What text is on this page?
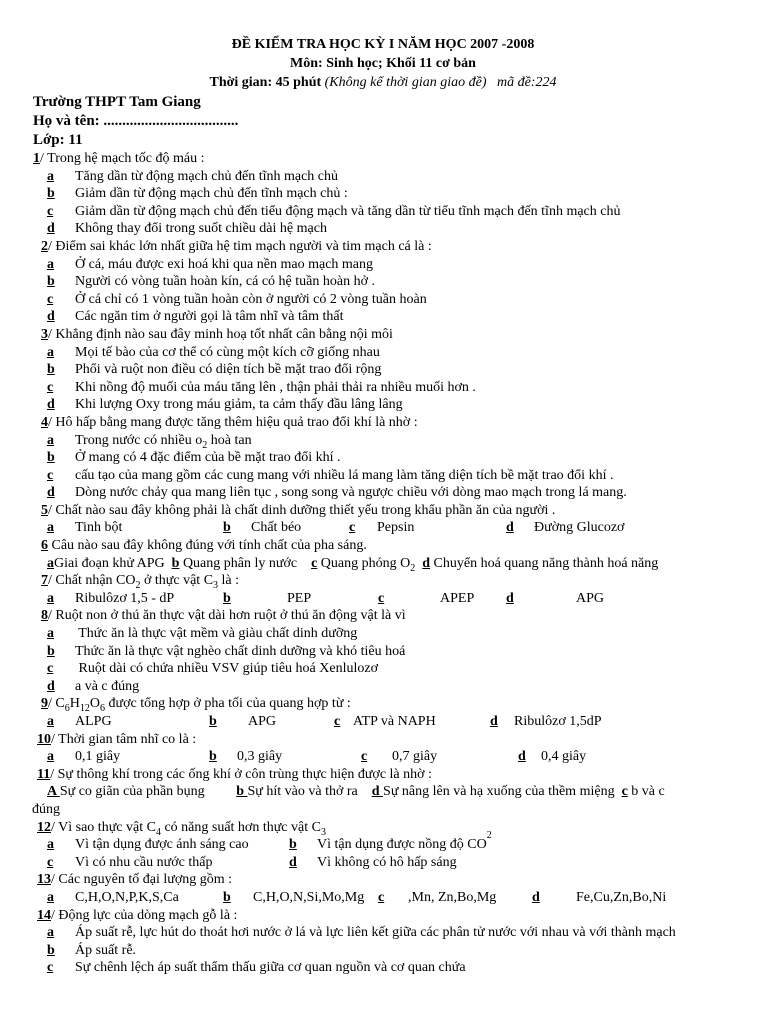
ĐỀ KIỂM TRA HỌC KỲ I NĂM HỌC 2007 -2008
Môn: Sinh học; Khối 11 cơ bản
Thời gian: 45 phút (Không kể thời gian giao đề) mã đề:224
Trường THPT Tam Giang
Họ và tên: ....................................
Lớp: 11
1/ Trong hệ mạch tốc độ máu :
a	Tăng dần từ động mạch chủ đến tĩnh mạch chủ
b	Giảm dần từ động mạch chủ đến tĩnh mạch chủ :
c	Giảm dần từ động mạch chủ đến tiểu động mạch và tăng dần từ tiểu tĩnh mạch đến tĩnh mạch chủ
d	Không thay đổi trong suốt chiều dài hệ mạch
2/ Điểm sai khác lớn nhất giữa hệ tim mạch người và tim mạch cá là :
a	Ở cá, máu được exi hoá khi qua nền mao mạch mang
b	Người có vòng tuần hoàn kín, cá có hệ tuần hoàn hở .
c	Ở cá chỉ có 1 vòng tuần hoàn còn ở người có 2 vòng tuần hoàn
d	Các ngăn tim ở người gọi là tâm nhĩ và tâm thất
3/ Khẳng định nào sau đây minh hoạ tốt nhất cân bằng nội môi
a	Mọi tế bào của cơ thể có cùng một kích cỡ giống nhau
b	Phổi và ruột non điều có diện tích bề mặt trao đổi rộng
c	Khi nồng độ muối của máu tăng lên , thận phải thải ra nhiều muối hơn .
d	Khi lượng Oxy trong máu giảm, ta cảm thấy đầu lâng lâng
4/ Hô hấp bằng mang được tăng thêm hiệu quả trao đổi khí là nhờ :
a	Trong nước có nhiều $o_2$ hoà tan
b	Ở mang có 4 đặc điểm của bề mặt trao đổi khí .
c	cấu tạo của mang gồm các cung mang với nhiều lá mang làm tăng diện tích bề mặt trao đổi khí .
d	Dòng nước chảy qua mang liên tục , song song và ngược chiều với dòng mao mạch trong lá mang.
5/ Chất nào sau đây không phải là chất dinh dưỡng thiết yếu trong khẩu phần ăn của người .
a	Tinh bột	b	Chất béo	c	Pepsin	d	Đường Glucozơ
6 Câu nào sau đây không đúng với tính chất của pha sáng.
aGiai đoạn khử APG b Quang phân ly nước c Quang phóng $O_2$ d Chuyển hoá quang năng thành hoá năng
7/ Chất nhận $CO_2$ ở thực vật $C_3$ là :
a	Ribulôzơ 1,5 - dP	b	PEP	c	APEP d	APG
8/ Ruột non ở thú ăn thực vật dài hơn ruột ở thú ăn động vật là vì
a	Thức ăn là thực vật mềm và giàu chất dinh dưỡng
b	Thức ăn là thực vật nghèo chất dinh dưỡng và khó tiêu hoá
c	Ruột dài có chứa nhiều VSV giúp tiêu hoá Xenlulozơ
d	a và c đúng
9/ $C_6H_{12}O_6$ được tổng hợp ở pha tối của quang hợp từ :
a	ALPG	b	APG	c ATP và NAPH	d	Ribulôzơ 1,5dP
10/ Thời gian tâm nhĩ co là :
a	0,1 giây	b	0,3 giây	c	0,7 giây	d	0,4 giây
11/ Sự thông khí trong các ống khí ở côn trùng thực hiện được là nhờ :
A Sự co giãn của phần bụng b Sự hít vào và thở ra d Sự nâng lên và hạ xuống của thềm miệng c b và c
đúng
12/ Vì sao thực vật $C_4$ có năng suất hơn thực vật $C_3$
a	Vì tận dụng được ánh sáng cao	b	Vì tận dụng được nồng độ CO
2
c	Vì có nhu cầu nước thấp	d	Vì không có hô hấp sáng
13/ Các nguyên tố đại lượng gồm :
a	C,H,O,N,P,K,S,Ca	b	C,H,O,N,Si,Mo,Mg c	,Mn, Zn,Bo,Mg	d	Fe,Cu,Zn,Bo,Ni
14/ Động lực của dòng mạch gỗ là :
a	Áp suất rễ, lực hút do thoát hơi nước ở lá và lực liên kết giữa các phân tử nước với nhau và với thành mạch
b	Áp suất rễ.
c	Sự chênh lệch áp suất thẩm thấu giữa cơ quan nguồn và cơ quan chứa
